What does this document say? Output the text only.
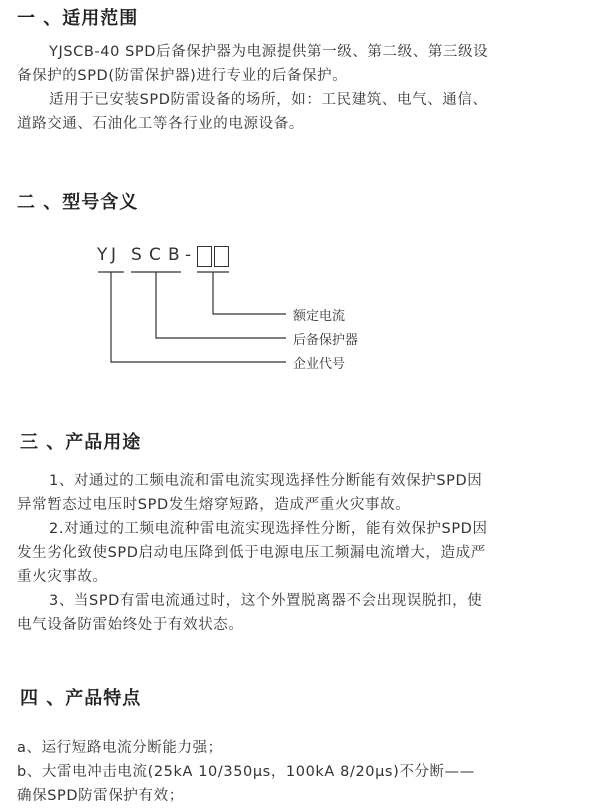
一 、适用范围
YJSCB-40 SPD后备保护器为电源提供第一级、第二级、第三级设
备保护的SPD(防雷保护器)进行专业的后备保护。
适用于已安装SPD防雷设备的场所，如：工民建筑、电气、通信、
道路交通、石油化工等各行业的电源设备。
二 、型号含义
Y J S C B -
额定电流
后备保护器
企业代号
三 、产品用途
1、对通过的工频电流和雷电流实现选择性分断能有效保护SPD因
异常暂态过电压时SPD发生熔穿短路，造成严重火灾事故。
2.对通过的工频电流种雷电流实现选择性分断，能有效保护SPD因
发生劣化致使SPD启动电压降到低于电源电压工频漏电流增大，造成严
重火灾事故。
3、当SPD有雷电流通过时，这个外置脱离器不会出现误脱扣，使
电气设备防雷始终处于有效状态。
四 、产品特点
a、运行短路电流分断能力强；
b、大雷电冲击电流(25kA 10/350μs，100kA 8/20μs)不分断——
确保SPD防雷保护有效；
